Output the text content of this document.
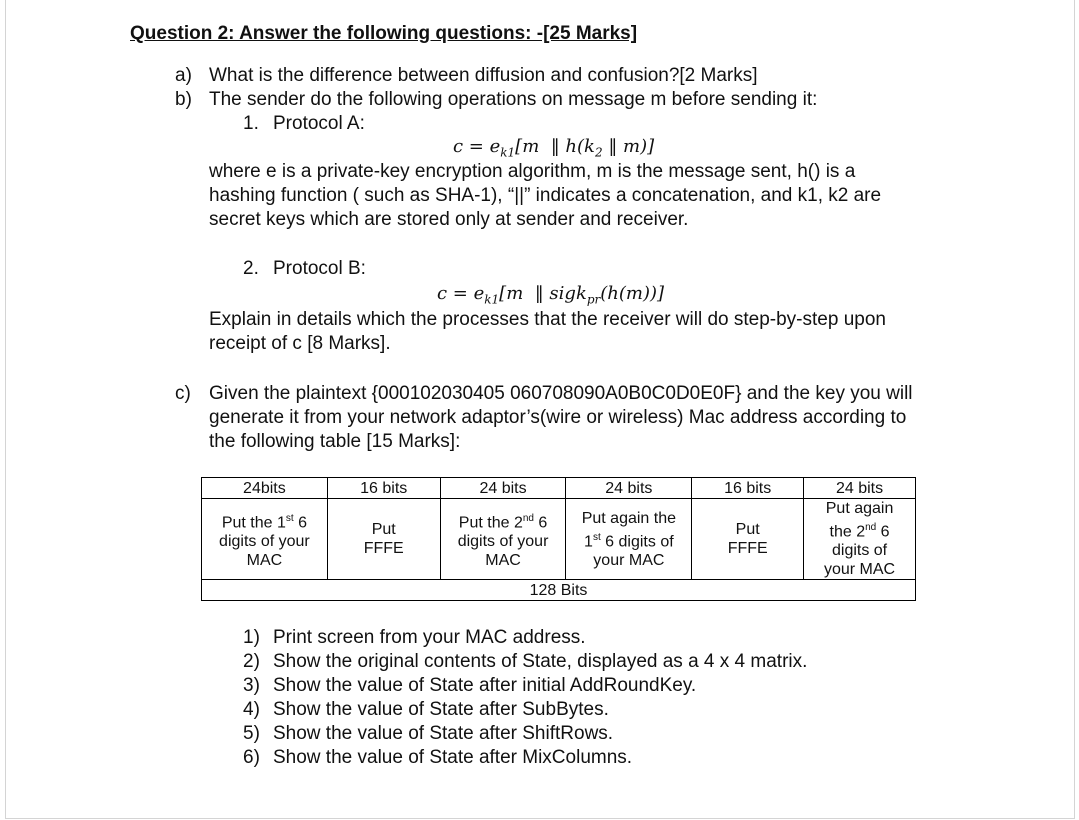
Question 2: Answer the following questions: -[25 Marks]
a) What is the difference between diffusion and confusion?[2 Marks]
b) The sender do the following operations on message m before sending it:
1. Protocol A:
$c = e_{k1}[m$  ‖ $h(k_2$ ‖ m)]
where e is a private-key encryption algorithm, m is the message sent, h() is a
hashing function ( such as SHA-1), “||” indicates a concatenation, and k1, k2 are
secret keys which are stored only at sender and receiver.
2. Protocol B:
$c = e_{k1}[m$  ‖ sigk$_{pr}$(h(m))]
Explain in details which the processes that the receiver will do step-by-step upon
receipt of c [8 Marks].
c) Given the plaintext {000102030405 060708090A0B0C0D0E0F} and the key you will
generate it from your network adaptor’s(wire or wireless) Mac address according to
the following table [15 Marks]:
24bits	16 bits	24 bits	24 bits	16 bits	24 bits
Put the 1st 6
digits of your
MAC	Put
FFFE	Put the 2nd 6
digits of your
MAC	Put again the
1st 6 digits of
your MAC	Put
FFFE	Put again
the 2nd 6
digits of
your MAC
128 Bits					
1) Print screen from your MAC address.
2) Show the original contents of State, displayed as a 4 x 4 matrix.
3) Show the value of State after initial AddRoundKey.
4) Show the value of State after SubBytes.
5) Show the value of State after ShiftRows.
6) Show the value of State after MixColumns.
